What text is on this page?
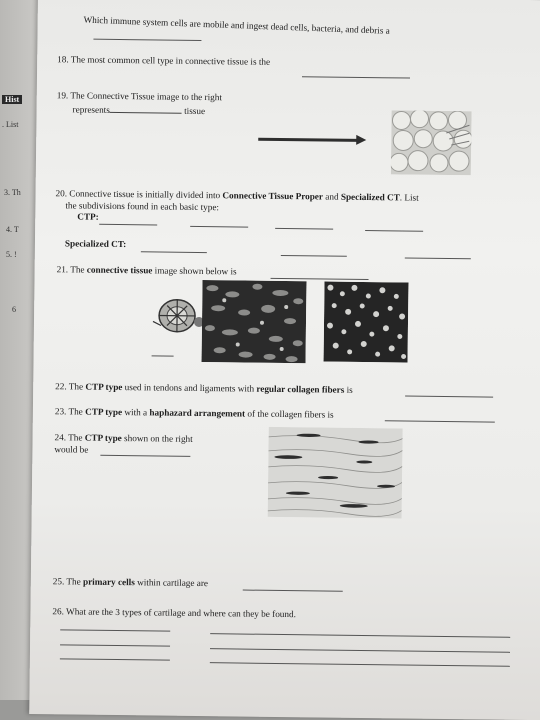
Hist
. List
3. Th
4. T
5. !
6
Which immune system cells are mobile and ingest dead cells, bacteria, and debris a
18. The most common cell type in connective tissue is the
19. The Connective Tissue image to the right
represents	tissue
20. Connective tissue is initially divided into Connective Tissue Proper and Specialized CT. List
the subdivisions found in each basic type:
CTP:
Specialized CT:
21. The connective tissue image shown below is
22. The CTP type used in tendons and ligaments with regular collagen fibers is
23. The CTP type with a haphazard arrangement of the collagen fibers is
24. The CTP type shown on the right
would be
25. The primary cells within cartilage are
26. What are the 3 types of cartilage and where can they be found.
